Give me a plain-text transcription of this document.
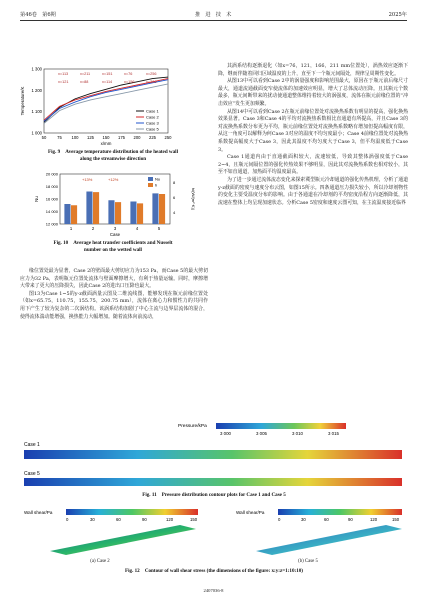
第46卷　第6期	推　进　技　术	2025年
50	75 100 125 150 175 200 225 250
1 000
1 100
1 200
1 300
x/mm
Temperature/K
x=113	x=211	x=151	x=76	x=256
x=121	x=88	x=114	x=156	x=206
Case 1
Case 2
Case 3
Case 5
Fig. 9　Average temperature distribution of the heated wall
along the streamwise direction
12 000
14 000
16 000
18 000
20 000
4
6
8
1	2	3	4	5
Case
Nu	h/(W/(m²·K))
+13%	+12%	Nu
h
Fig. 10　Average heat transfer coefficients and Nusselt
number on the wetted wall

缘位置处最为显著，Case 2的壁面最大剪切应力为153 Pa，而Case 5的最大剪切应力为32 Pa，表明瓶元位置处流体与壁面摩擦增大，有利于热量运输。同时，摩擦增大带来了更大的压降损失，因此Case 2的进出口压降也最大。

图13为Case 1~5的y-z截面涡量云图及二维流线图，能够发现在瓶元前缘位置处（如x=65.75，110.75，155.75，200.75 mm），流体在离心力和惯性力的共同作用下产生了较为复杂的二次涡结构。该涡系结构加剧了中心主流与边界层流体的混合，使得流体湍动能增强，换热能力大幅增加。随着流体向前流动，

其涡系结构逐渐退化（如x=76，121，166，211 mm位置处），涡热效应逐渐下降，继而伴随着回归区域温度的上升，直至下一个瓶元间隔处，规律呈周期性变化。

从图13中可以看到Case 2中的涡量强度和影响范围最大，原因在于瓶元前后缘尺寸最大，通道流通截面变窄使流体的加速效应明显，增大了总体流动压降。且其瓶元个数最多，瓶元间断带来的扰动使通道整体维持着较大的涡强度，流体在瓶元前缘位置的“冲击效应”发生更加频繁。

从图14中可以看到Case 2在瓶元前缘位置处对流换热系数有明显的提高，强化换热效果显著。Case 3和Case 4的平均对流换热系数相比直通道有所提高，并且Case 3的对流换热系数分布更为平均，瓶元前缘位置处对流换热系数略有增加但提高幅度有限，从这一角度可以解释为何Case 3对应的温度不均匀度最小；Case 4前缘位置处对流换热系数提高幅度大于Case 3，因此其温度不均匀度大于Case 3，但平均温度低于Case 3。

Case 1通道内由于直通截面积较大，流速较低，导致其整体涡强度低于Case 2~4，且瓶元间隔位置的强化传热效果不够明显，因此其对流换热系数也相对较小，其至不如直通道，加热面平均温度最高。

为了进一步通过流体流态变化来探索冀型瓶元冷却通道的强化传热机理，分析了通道y-z截面的密度与速度分布云图，如图15所示。四条通道压力损失较小，所以冷却剂物性的变化主要受温度分布的影响。由于各通道在冷却剂的平均密度沿程方向逐渐降低，其流速在整体上均呈现加速状态。分析Case 5密度和速度云图可知，在主流温度接近临界

Pressure/kPa
3 000	3 005	3 010	3 015
Case 1
Case 5
Fig. 11　Pressure distribution contour plots for Case 1 and Case 5
Wall shear/Pa
0	30	60	90	120	150
Wall shear/Pa
0	30	60	90	120	150
(a) Case 2	(b) Case 5
Fig. 12　Contour of wall shear stress (the dimensions of the figure: x:y:z=1:10:10)
2407036-8
